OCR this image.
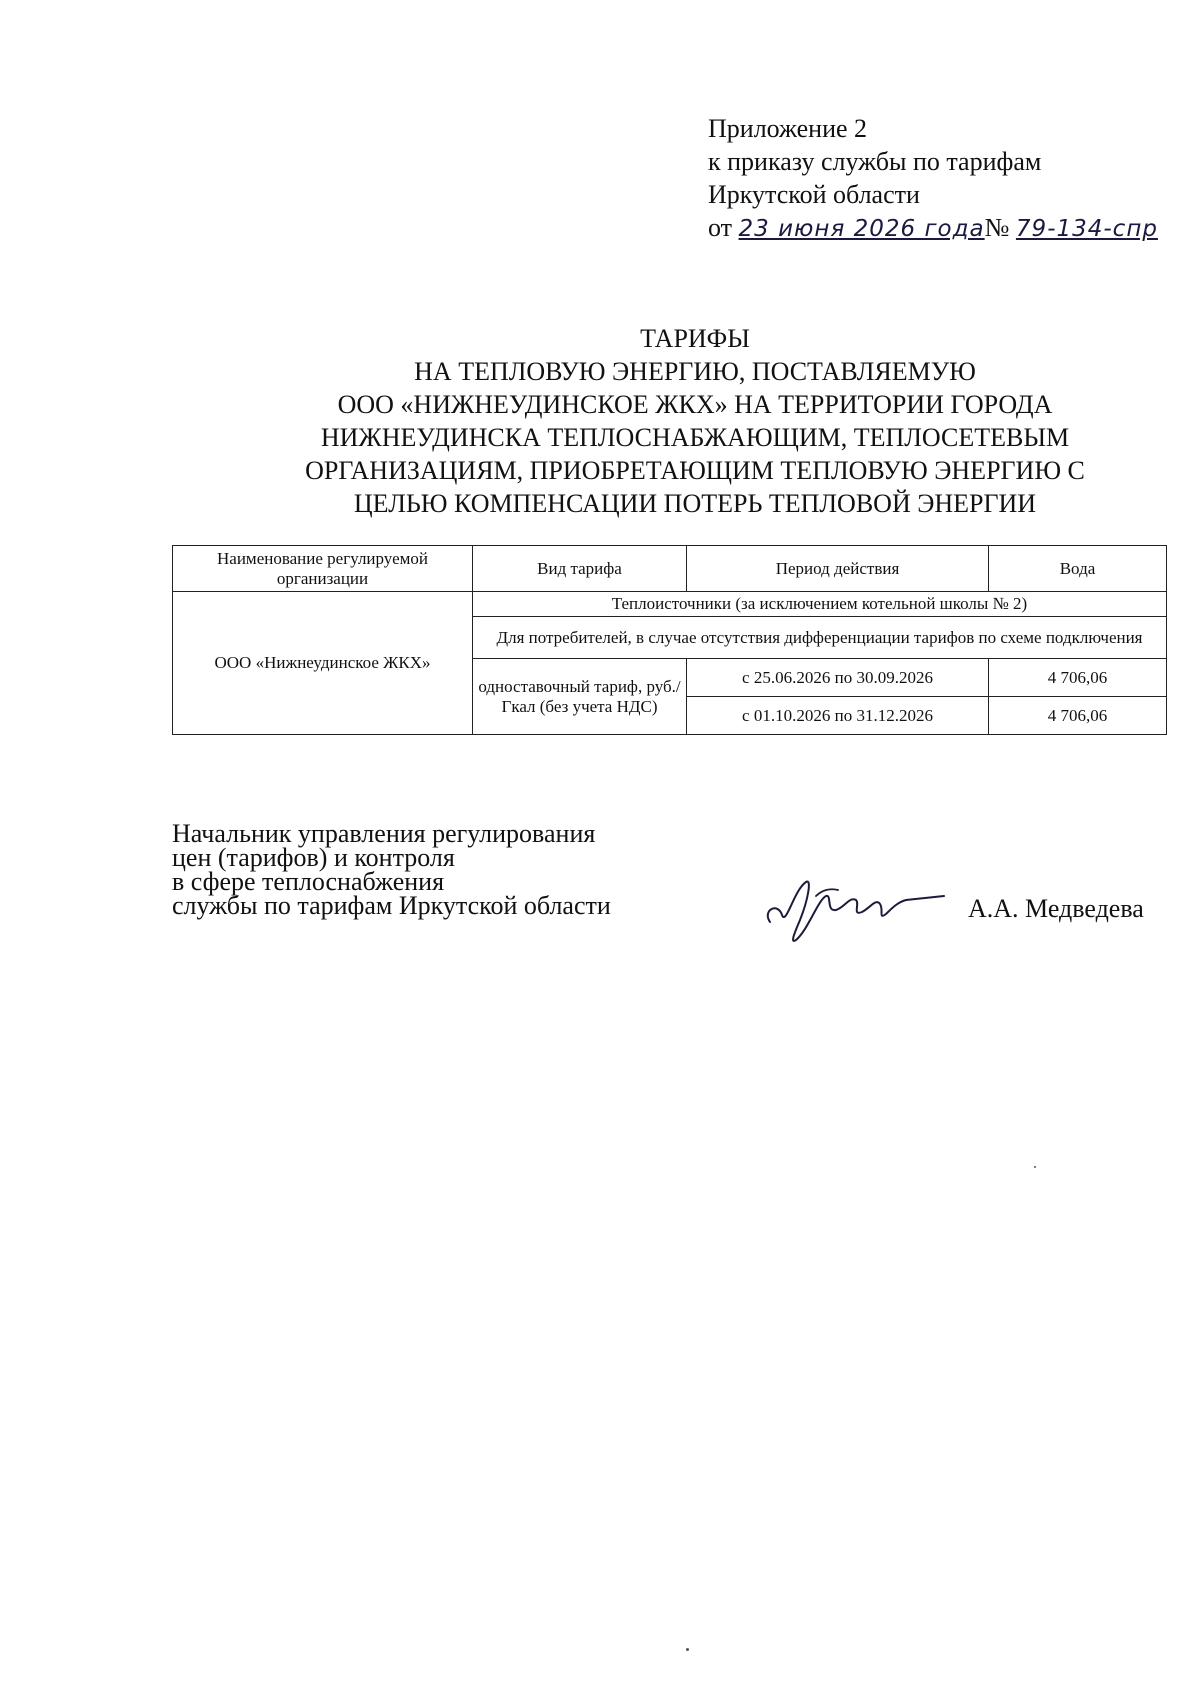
Приложение 2
к приказу службы по тарифам
Иркутской области
от 23 июня 2026 года№ 79-134-спр
ТАРИФЫ
НА ТЕПЛОВУЮ ЭНЕРГИЮ, ПОСТАВЛЯЕМУЮ
ООО «НИЖНЕУДИНСКОЕ ЖКХ» НА ТЕРРИТОРИИ ГОРОДА
НИЖНЕУДИНСКА ТЕПЛОСНАБЖАЮЩИМ, ТЕПЛОСЕТЕВЫМ
ОРГАНИЗАЦИЯМ, ПРИОБРЕТАЮЩИМ ТЕПЛОВУЮ ЭНЕРГИЮ С
ЦЕЛЬЮ КОМПЕНСАЦИИ ПОТЕРЬ ТЕПЛОВОЙ ЭНЕРГИИ
Наименование регулируемой организации	Вид тарифа	Период действия	Вода
ООО «Нижнеудинское ЖКХ»	Теплоисточники (за исключением котельной школы № 2)		
	Для потребителей, в случае отсутствия дифференциации тарифов по схеме подключения		
	одноставочный тариф, руб./Гкал (без учета НДС)	с 25.06.2026 по 30.09.2026	4 706,06
		с 01.10.2026 по 31.12.2026	4 706,06
Начальник управления регулирования
цен (тарифов) и контроля
в сфере теплоснабжения
службы по тарифам Иркутской области	А.А. Медведева
